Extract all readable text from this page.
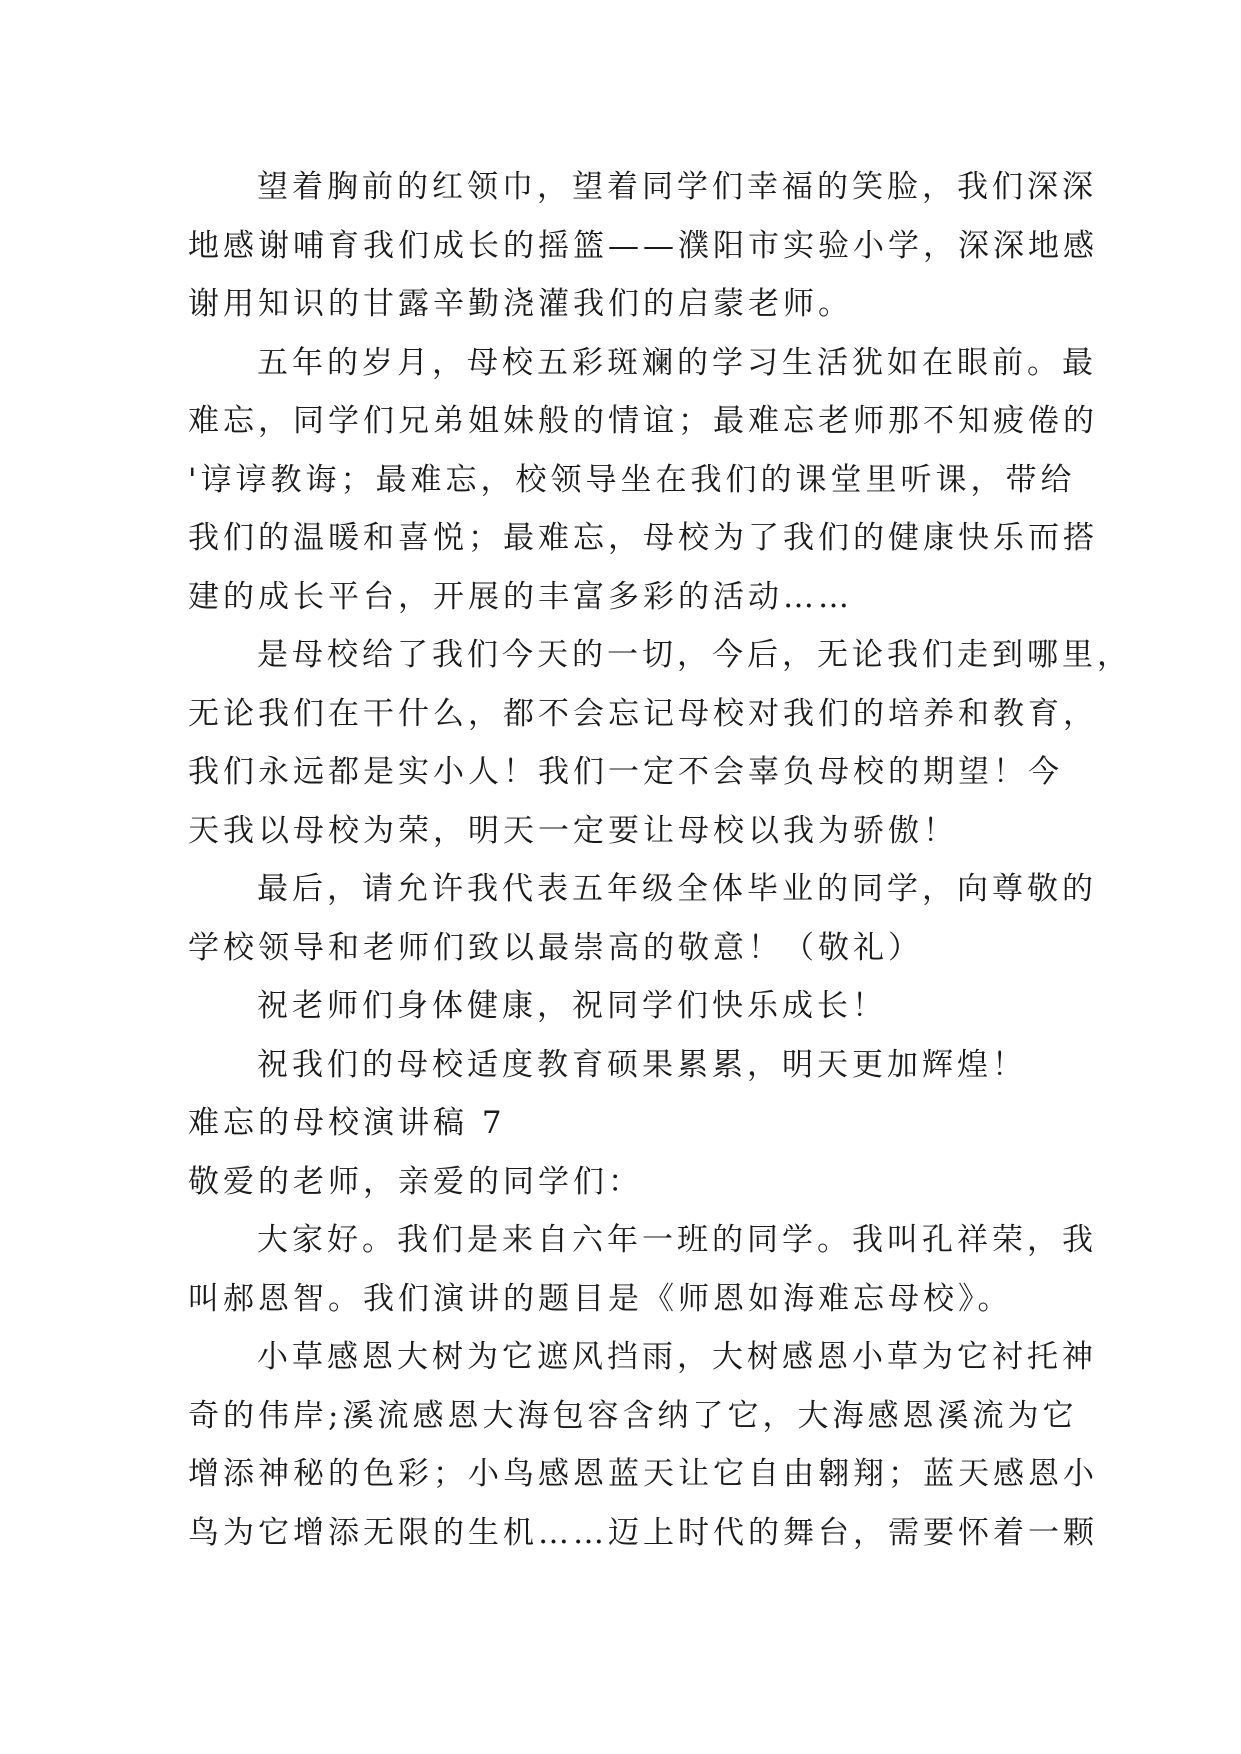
望着胸前的红领巾，望着同学们幸福的笑脸，我们深深
地感谢哺育我们成长的摇篮——濮阳市实验小学，深深地感
谢用知识的甘露辛勤浇灌我们的启蒙老师。
五年的岁月，母校五彩斑斓的学习生活犹如在眼前。最
难忘，同学们兄弟姐妹般的情谊；最难忘老师那不知疲倦的
'谆谆教诲；最难忘，校领导坐在我们的课堂里听课，带给
我们的温暖和喜悦；最难忘，母校为了我们的健康快乐而搭
建的成长平台，开展的丰富多彩的活动……
是母校给了我们今天的一切，今后，无论我们走到哪里，
无论我们在干什么，都不会忘记母校对我们的培养和教育，
我们永远都是实小人！我们一定不会辜负母校的期望！今
天我以母校为荣，明天一定要让母校以我为骄傲！
最后，请允许我代表五年级全体毕业的同学，向尊敬的
学校领导和老师们致以最崇高的敬意！（敬礼）
祝老师们身体健康，祝同学们快乐成长！
祝我们的母校适度教育硕果累累，明天更加辉煌！
难忘的母校演讲稿 7
敬爱的老师，亲爱的同学们：
大家好。我们是来自六年一班的同学。我叫孔祥荣，我
叫郝恩智。我们演讲的题目是《师恩如海难忘母校》。
小草感恩大树为它遮风挡雨，大树感恩小草为它衬托神
奇的伟岸;溪流感恩大海包容含纳了它，大海感恩溪流为它
增添神秘的色彩；小鸟感恩蓝天让它自由翱翔；蓝天感恩小
鸟为它增添无限的生机……迈上时代的舞台，需要怀着一颗
